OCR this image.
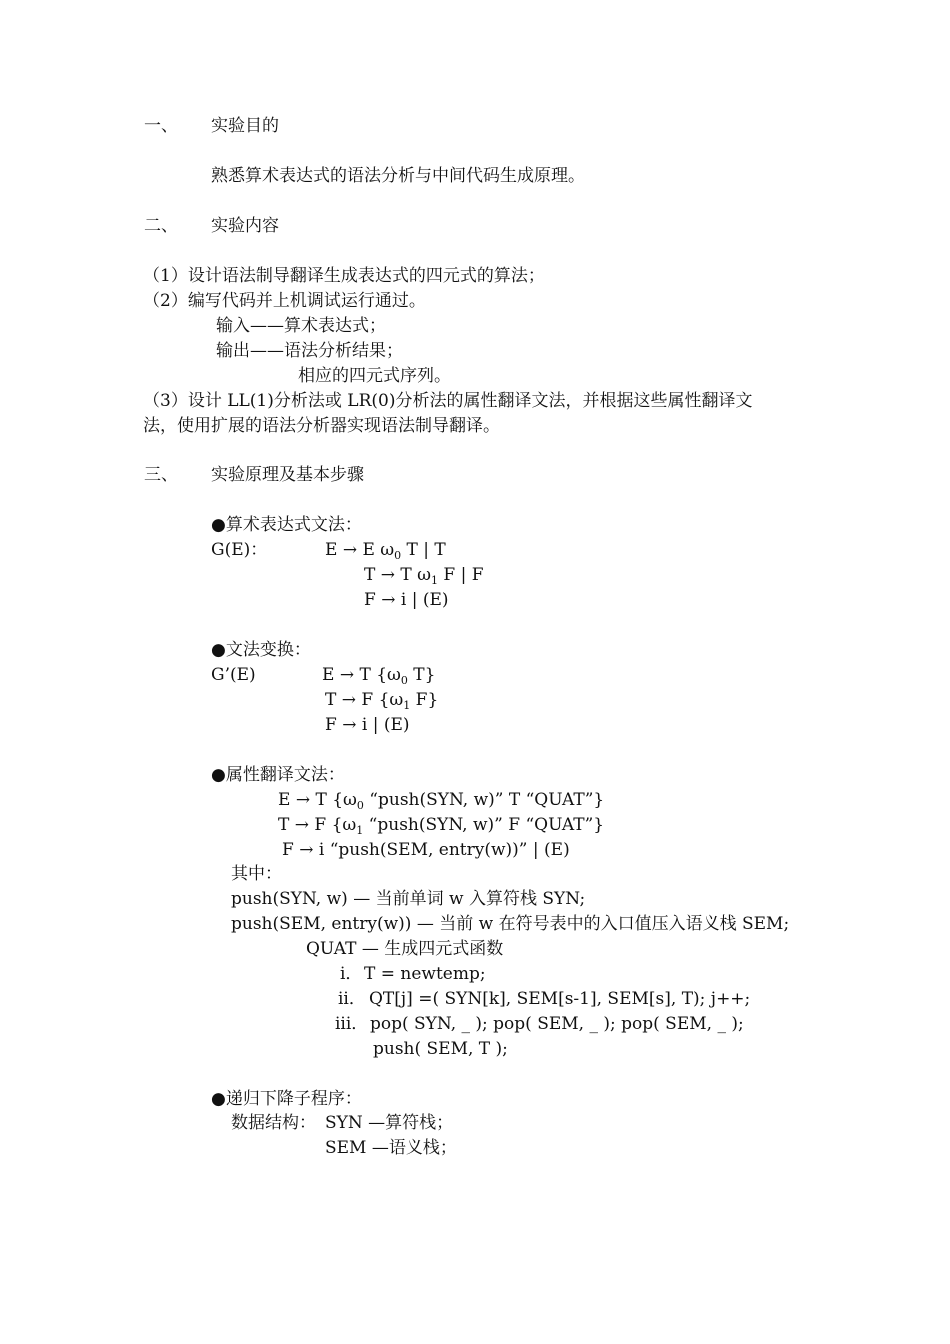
一、 实验目的
熟悉算术表达式的语法分析与中间代码生成原理。
二、 实验内容
（1）设计语法制导翻译生成表达式的四元式的算法；
（2）编写代码并上机调试运行通过。
输入——算术表达式；
输出——语法分析结果；
相应的四元式序列。
（3）设计 LL(1)分析法或 LR(0)分析法的属性翻译文法，并根据这些属性翻译文
法，使用扩展的语法分析器实现语法制导翻译。
三、 实验原理及基本步骤
●算术表达式文法：
G(E)：	E → E $\omega_0$ T | T
T → T $\omega_1$ F | F
F → i | (E)
●文法变换：
G’(E)	E → T {$\omega_0$ T}
T → F {$\omega_1$ F}
F → i | (E)
●属性翻译文法：
E → T {$\omega_0$ “push(SYN, w)” T “QUAT”}
T → F {$\omega_1$ “push(SYN, w)” F “QUAT”}
F → i “push(SEM, entry(w))” | (E)
其中：
push(SYN, w) — 当前单词 w 入算符栈 SYN;
push(SEM, entry(w)) — 当前 w 在符号表中的入口值压入语义栈 SEM;
QUAT — 生成四元式函数
i． T = newtemp;
ii． QT[j] =( SYN[k], SEM[s-1], SEM[s], T); j++;
iii． pop( SYN, _ ); pop( SEM, _ ); pop( SEM, _ );
push( SEM, T );
●递归下降子程序：
数据结构： SYN —算符栈；
SEM —语义栈；
